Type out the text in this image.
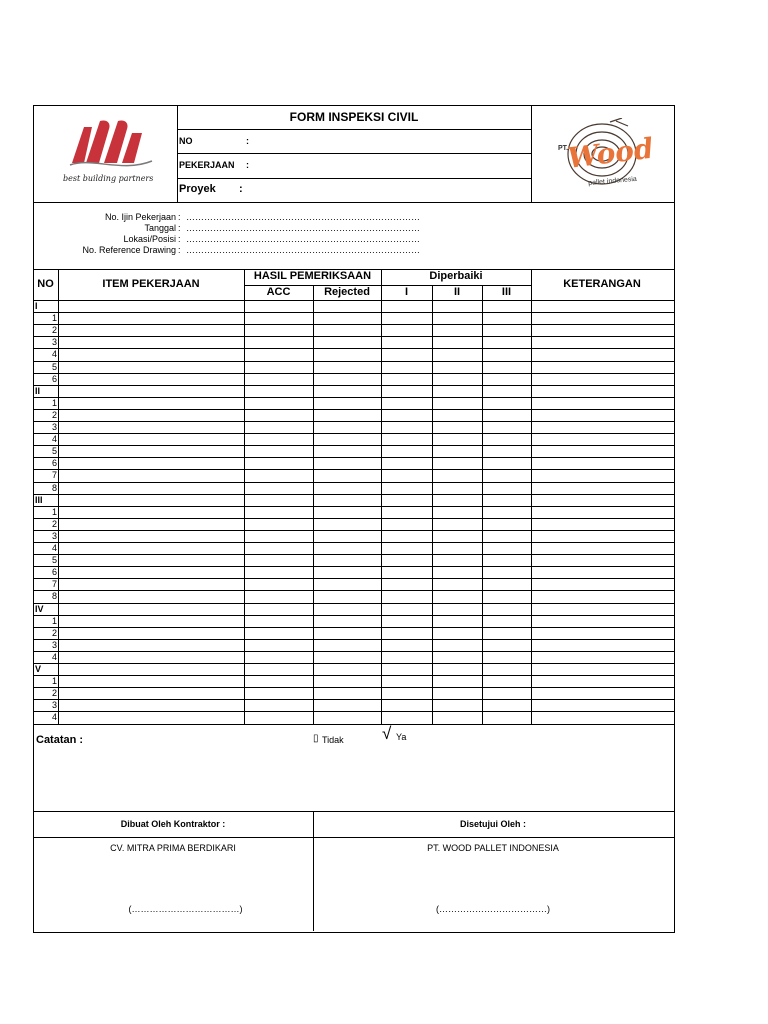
best building partners
FORM INSPEKSI CIVIL
NO	:
PEKERJAAN :
Proyek :
PT.
Wood
pallet indonesia
No. Ijin Pekerjaan : ……………………………………………………………………
Tanggal : ……………………………………………………………………
Lokasi/Posisi : ……………………………………………………………………
No. Reference Drawing : ……………………………………………………………………
NO	ITEM PEKERJAAN
HASIL PEMERIKSAAN
ACC	Rejected
Diperbaiki
I	II	III
KETERANGAN
I
1
2
3
4
5
6
II
1
2
3
4
5
6
7
8
III
1
2
3
4
5
6
7
8
IV
1
2
3
4
V
1
2
3
4
Catatan :	▯ Tidak √ Ya
Dibuat Oleh Kontraktor :	Disetujui Oleh :
CV. MITRA PRIMA BERDIKARI	PT. WOOD PALLET INDONESIA
(………………………………)	(………………………………)
